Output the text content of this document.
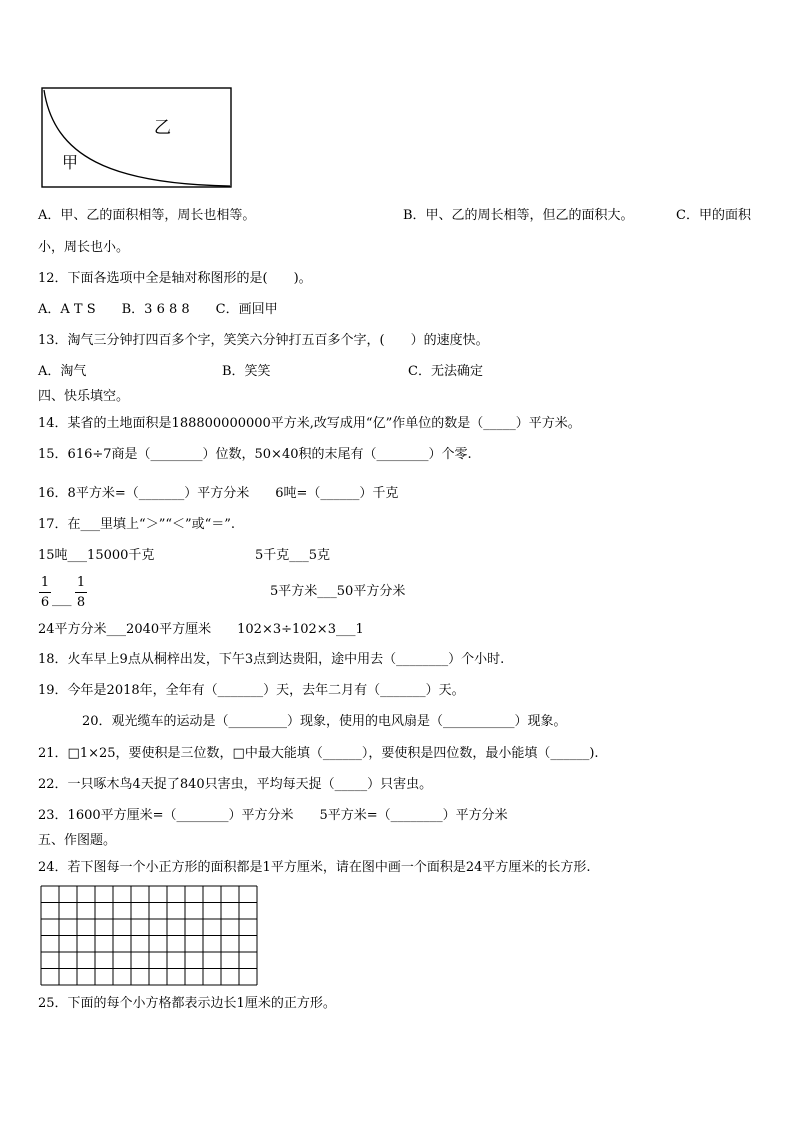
乙
甲
A．甲、乙的面积相等，周长也相等。	B．甲、乙的周长相等，但乙的面积大。	C．甲的面积
小，周长也小。
12．下面各选项中全是轴对称图形的是(　　)。
A．A T S　　B．3 6 8 8　　C．画回甲
13．淘气三分钟打四百多个字，笑笑六分钟打五百多个字，(　　）的速度快。
A．淘气	B．笑笑	C．无法确定
四、快乐填空。
14．某省的土地面积是188800000000平方米,改写成用“亿”作单位的数是（_____）平方米。
15．616÷7商是（________）位数，50×40积的末尾有（________）个零.
16．8平方米=（_______）平方分米　　6吨=（______）千克
17．在___里填上“＞”“＜”或“＝”.
15吨___15000千克	5千克___5克
1
6 ___
1
8
5平方米___50平方分米
24平方分米___2040平方厘米　　102×3÷102×3___1
18．火车早上9点从桐梓出发，下午3点到达贵阳，途中用去（________）个小时.
19．今年是2018年，全年有（_______）天，去年二月有（_______）天。
20．观光缆车的运动是（_________）现象，使用的电风扇是（___________）现象。
21．□1×25，要使积是三位数，□中最大能填（______），要使积是四位数，最小能填（______).
22．一只啄木鸟4天捉了840只害虫，平均每天捉（_____）只害虫。
23．1600平方厘米=（________）平方分米　　5平方米=（________）平方分米
五、作图题。
24．若下图每一个小正方形的面积都是1平方厘米，请在图中画一个面积是24平方厘米的长方形.
25．下面的每个小方格都表示边长1厘米的正方形。
